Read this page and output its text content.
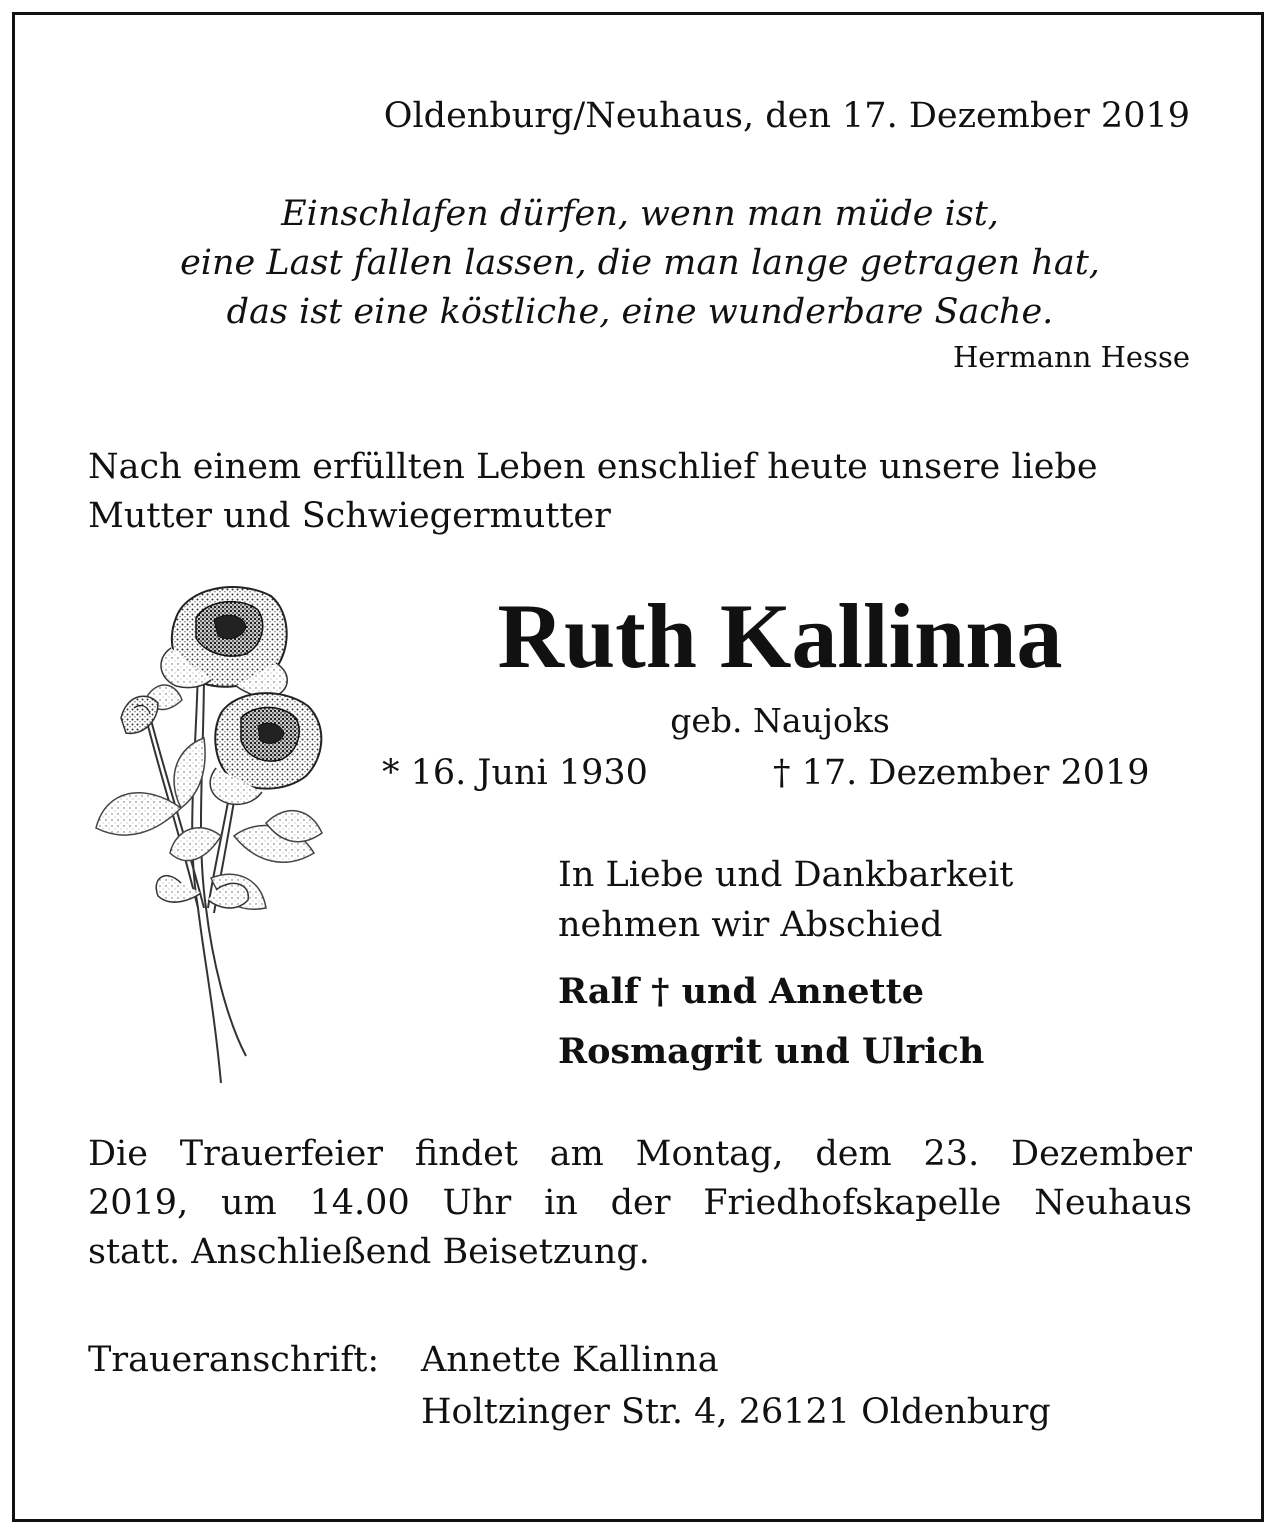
Oldenburg/Neuhaus, den 17. Dezember 2019

Einschlafen dürfen, wenn man müde ist,
eine Last fallen lassen, die man lange getragen hat,
das ist eine köstliche, eine wunderbare Sache.

Hermann Hesse

Nach einem erfüllten Leben enschlief heute unsere liebe
Mutter und Schwiegermutter
Ruth Kallinna
geb. Naujoks

* 16. Juni 1930	† 17. Dezember 2019

In Liebe und Dankbarkeit
nehmen wir Abschied
Ralf † und Annette
Rosmagrit und Ulrich
Die Trauerfeier findet am Montag, dem 23. Dezember
2019, um 14.00 Uhr in der Friedhofskapelle Neuhaus
statt. Anschließend Beisetzung.

Traueranschrift: Annette Kallinna

Holtzinger Str. 4, 26121 Oldenburg
